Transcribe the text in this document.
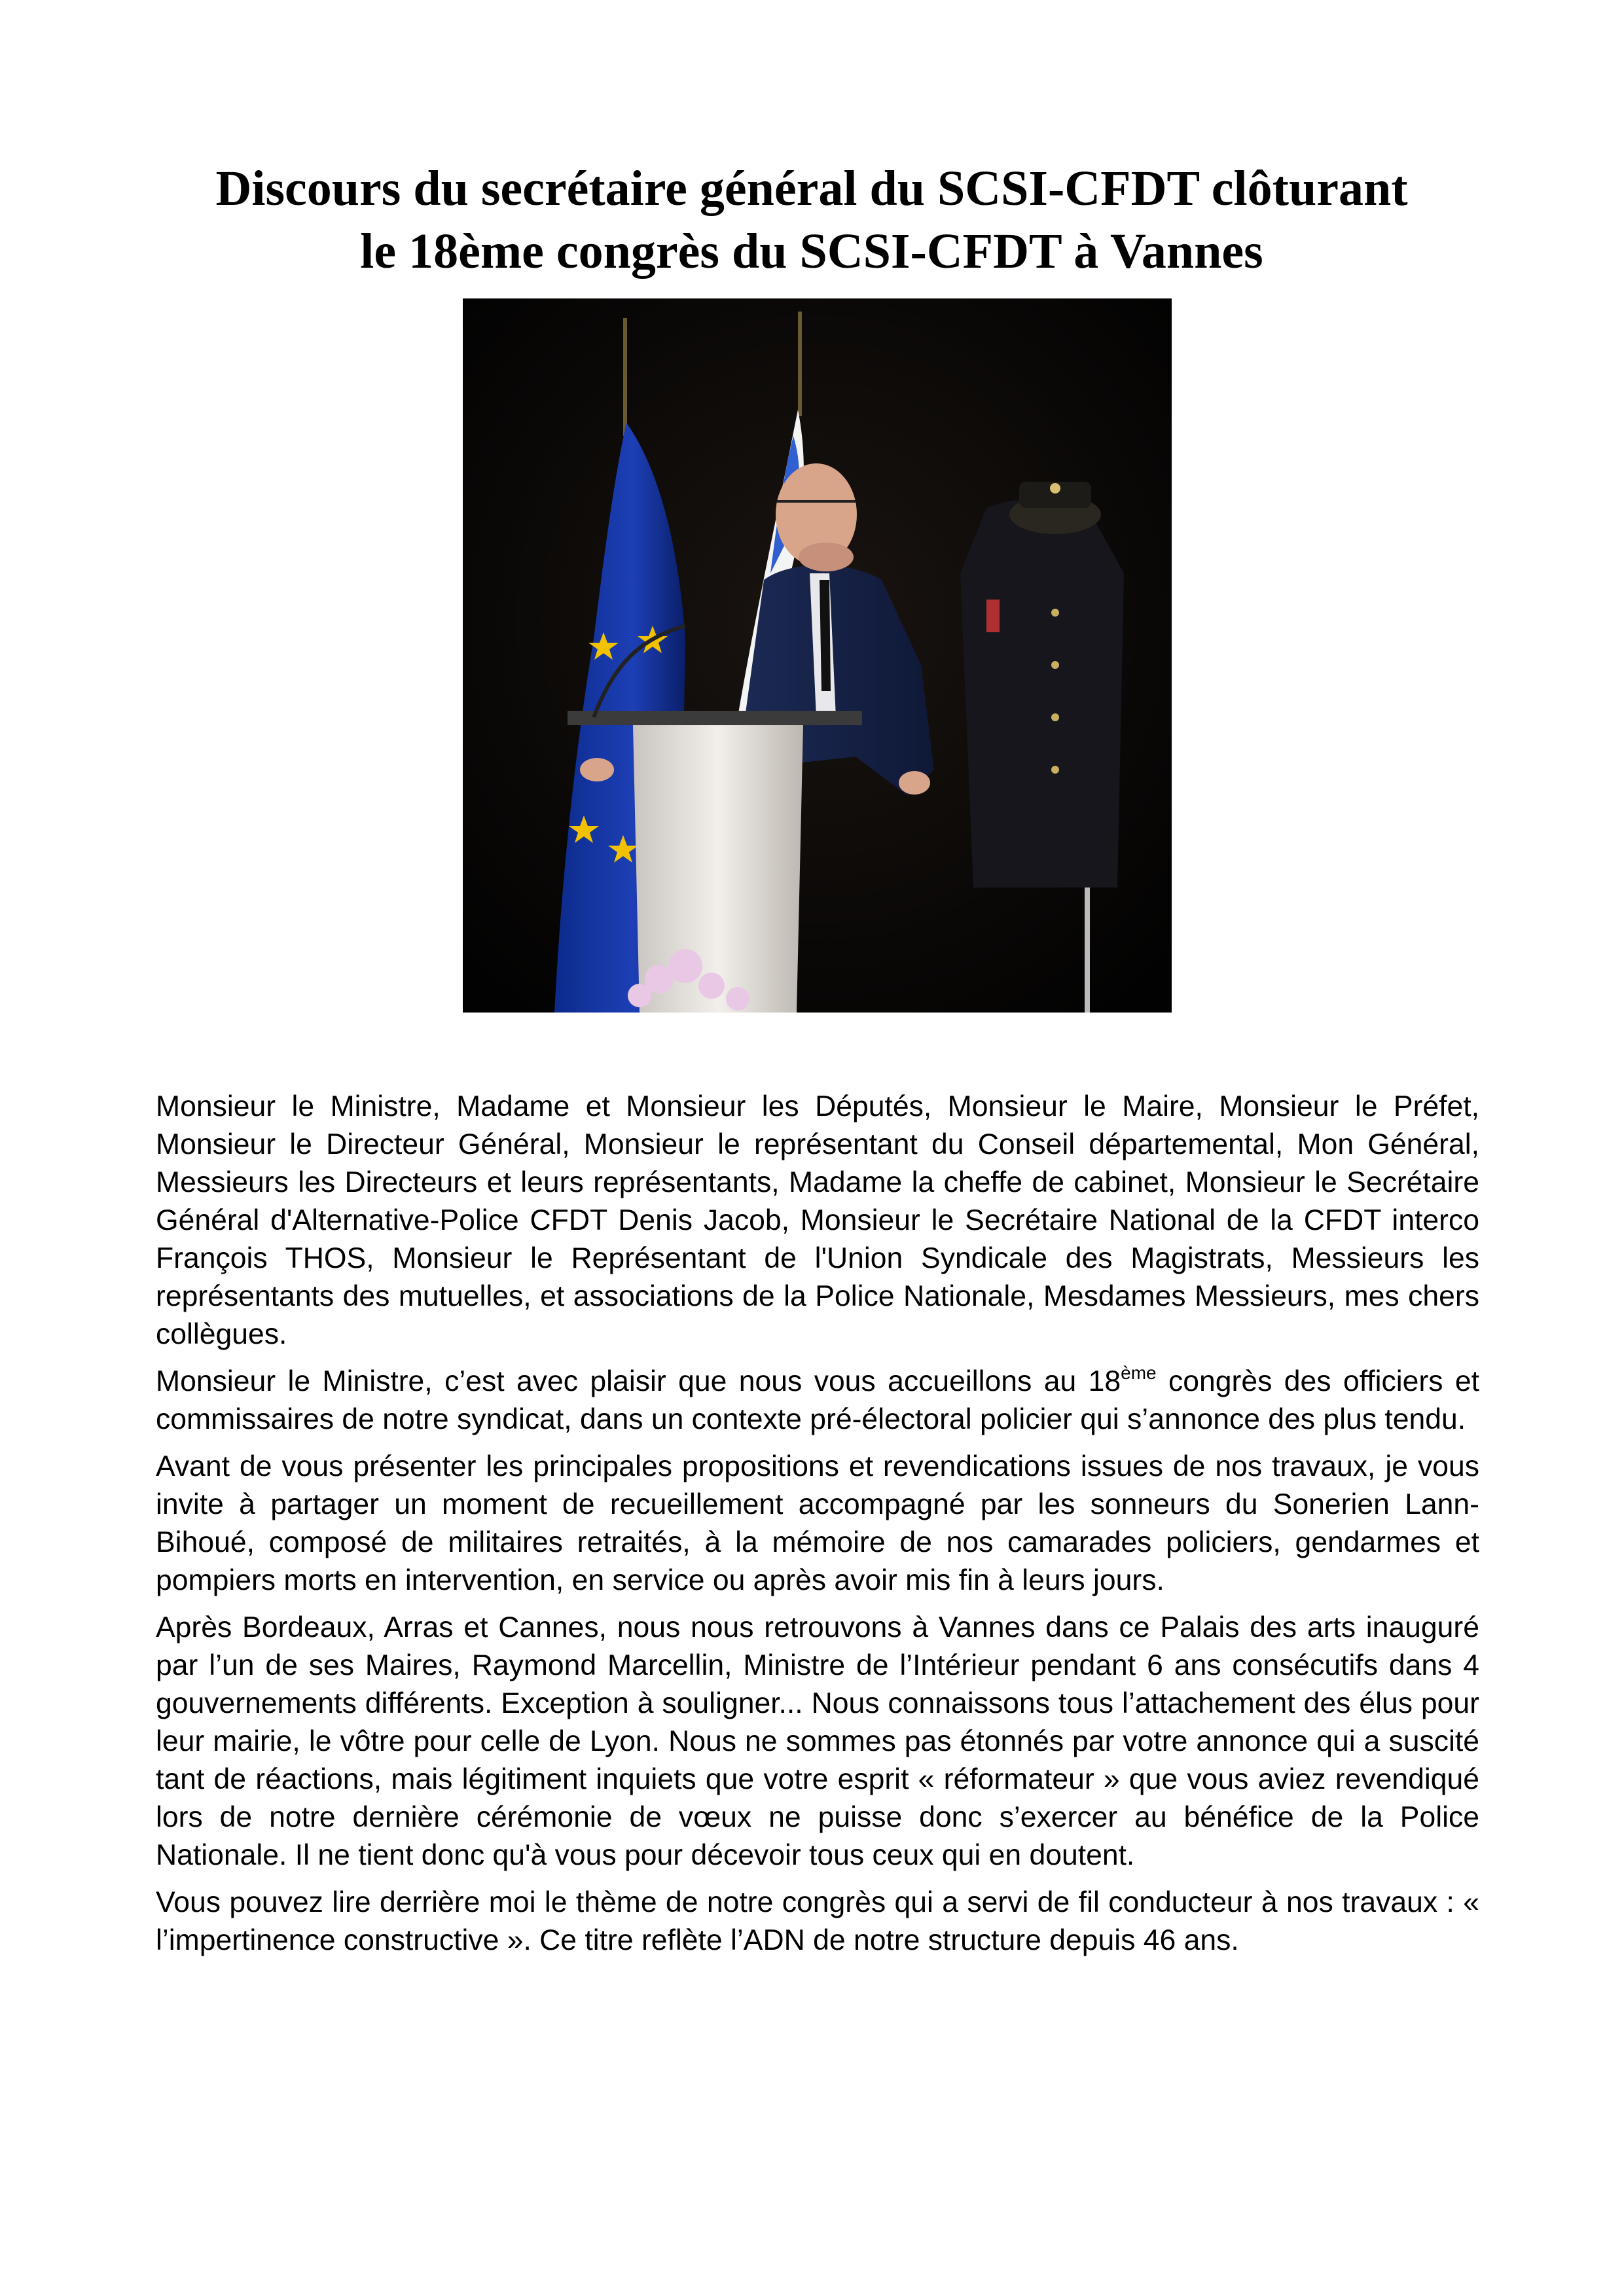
Discours du secrétaire général du SCSI-CFDT clôturant
le 18ème congrès du SCSI-CFDT à Vannes

Monsieur le Ministre, Madame et Monsieur les Députés, Monsieur le Maire, Monsieur le Préfet, Monsieur le Directeur Général, Monsieur le représentant du Conseil départemental, Mon Général, Messieurs les Directeurs et leurs représentants, Madame la cheffe de cabinet, Monsieur le Secrétaire Général d'Alternative-Police CFDT Denis Jacob, Monsieur le Secrétaire National de la CFDT interco François THOS, Monsieur le Représentant de l'Union Syndicale des Magistrats, Messieurs les représentants des mutuelles, et associations de la Police Nationale, Mesdames Messieurs, mes chers collègues.

Monsieur le Ministre, c’est avec plaisir que nous vous accueillons au 18ème congrès des officiers et commissaires de notre syndicat, dans un contexte pré-électoral policier qui s’annonce des plus tendu.

Avant de vous présenter les principales propositions et revendications issues de nos travaux, je vous invite à partager un moment de recueillement accompagné par les sonneurs du Sonerien Lann-Bihoué, composé de militaires retraités, à la mémoire de nos camarades policiers, gendarmes et pompiers morts en intervention, en service ou après avoir mis fin à leurs jours.

Après Bordeaux, Arras et Cannes, nous nous retrouvons à Vannes dans ce Palais des arts inauguré par l’un de ses Maires, Raymond Marcellin, Ministre de l’Intérieur pendant 6 ans consécutifs dans 4 gouvernements différents. Exception à souligner... Nous connaissons tous l’attachement des élus pour leur mairie, le vôtre pour celle de Lyon. Nous ne sommes pas étonnés par votre annonce qui a suscité tant de réactions, mais légitiment inquiets que votre esprit « réformateur » que vous aviez revendiqué lors de notre dernière cérémonie de vœux ne puisse donc s’exercer au bénéfice de la Police Nationale. Il ne tient donc qu'à vous pour décevoir tous ceux qui en doutent.

Vous pouvez lire derrière moi le thème de notre congrès qui a servi de fil conducteur à nos travaux : « l’impertinence constructive ». Ce titre reflète l’ADN de notre structure depuis 46 ans.
